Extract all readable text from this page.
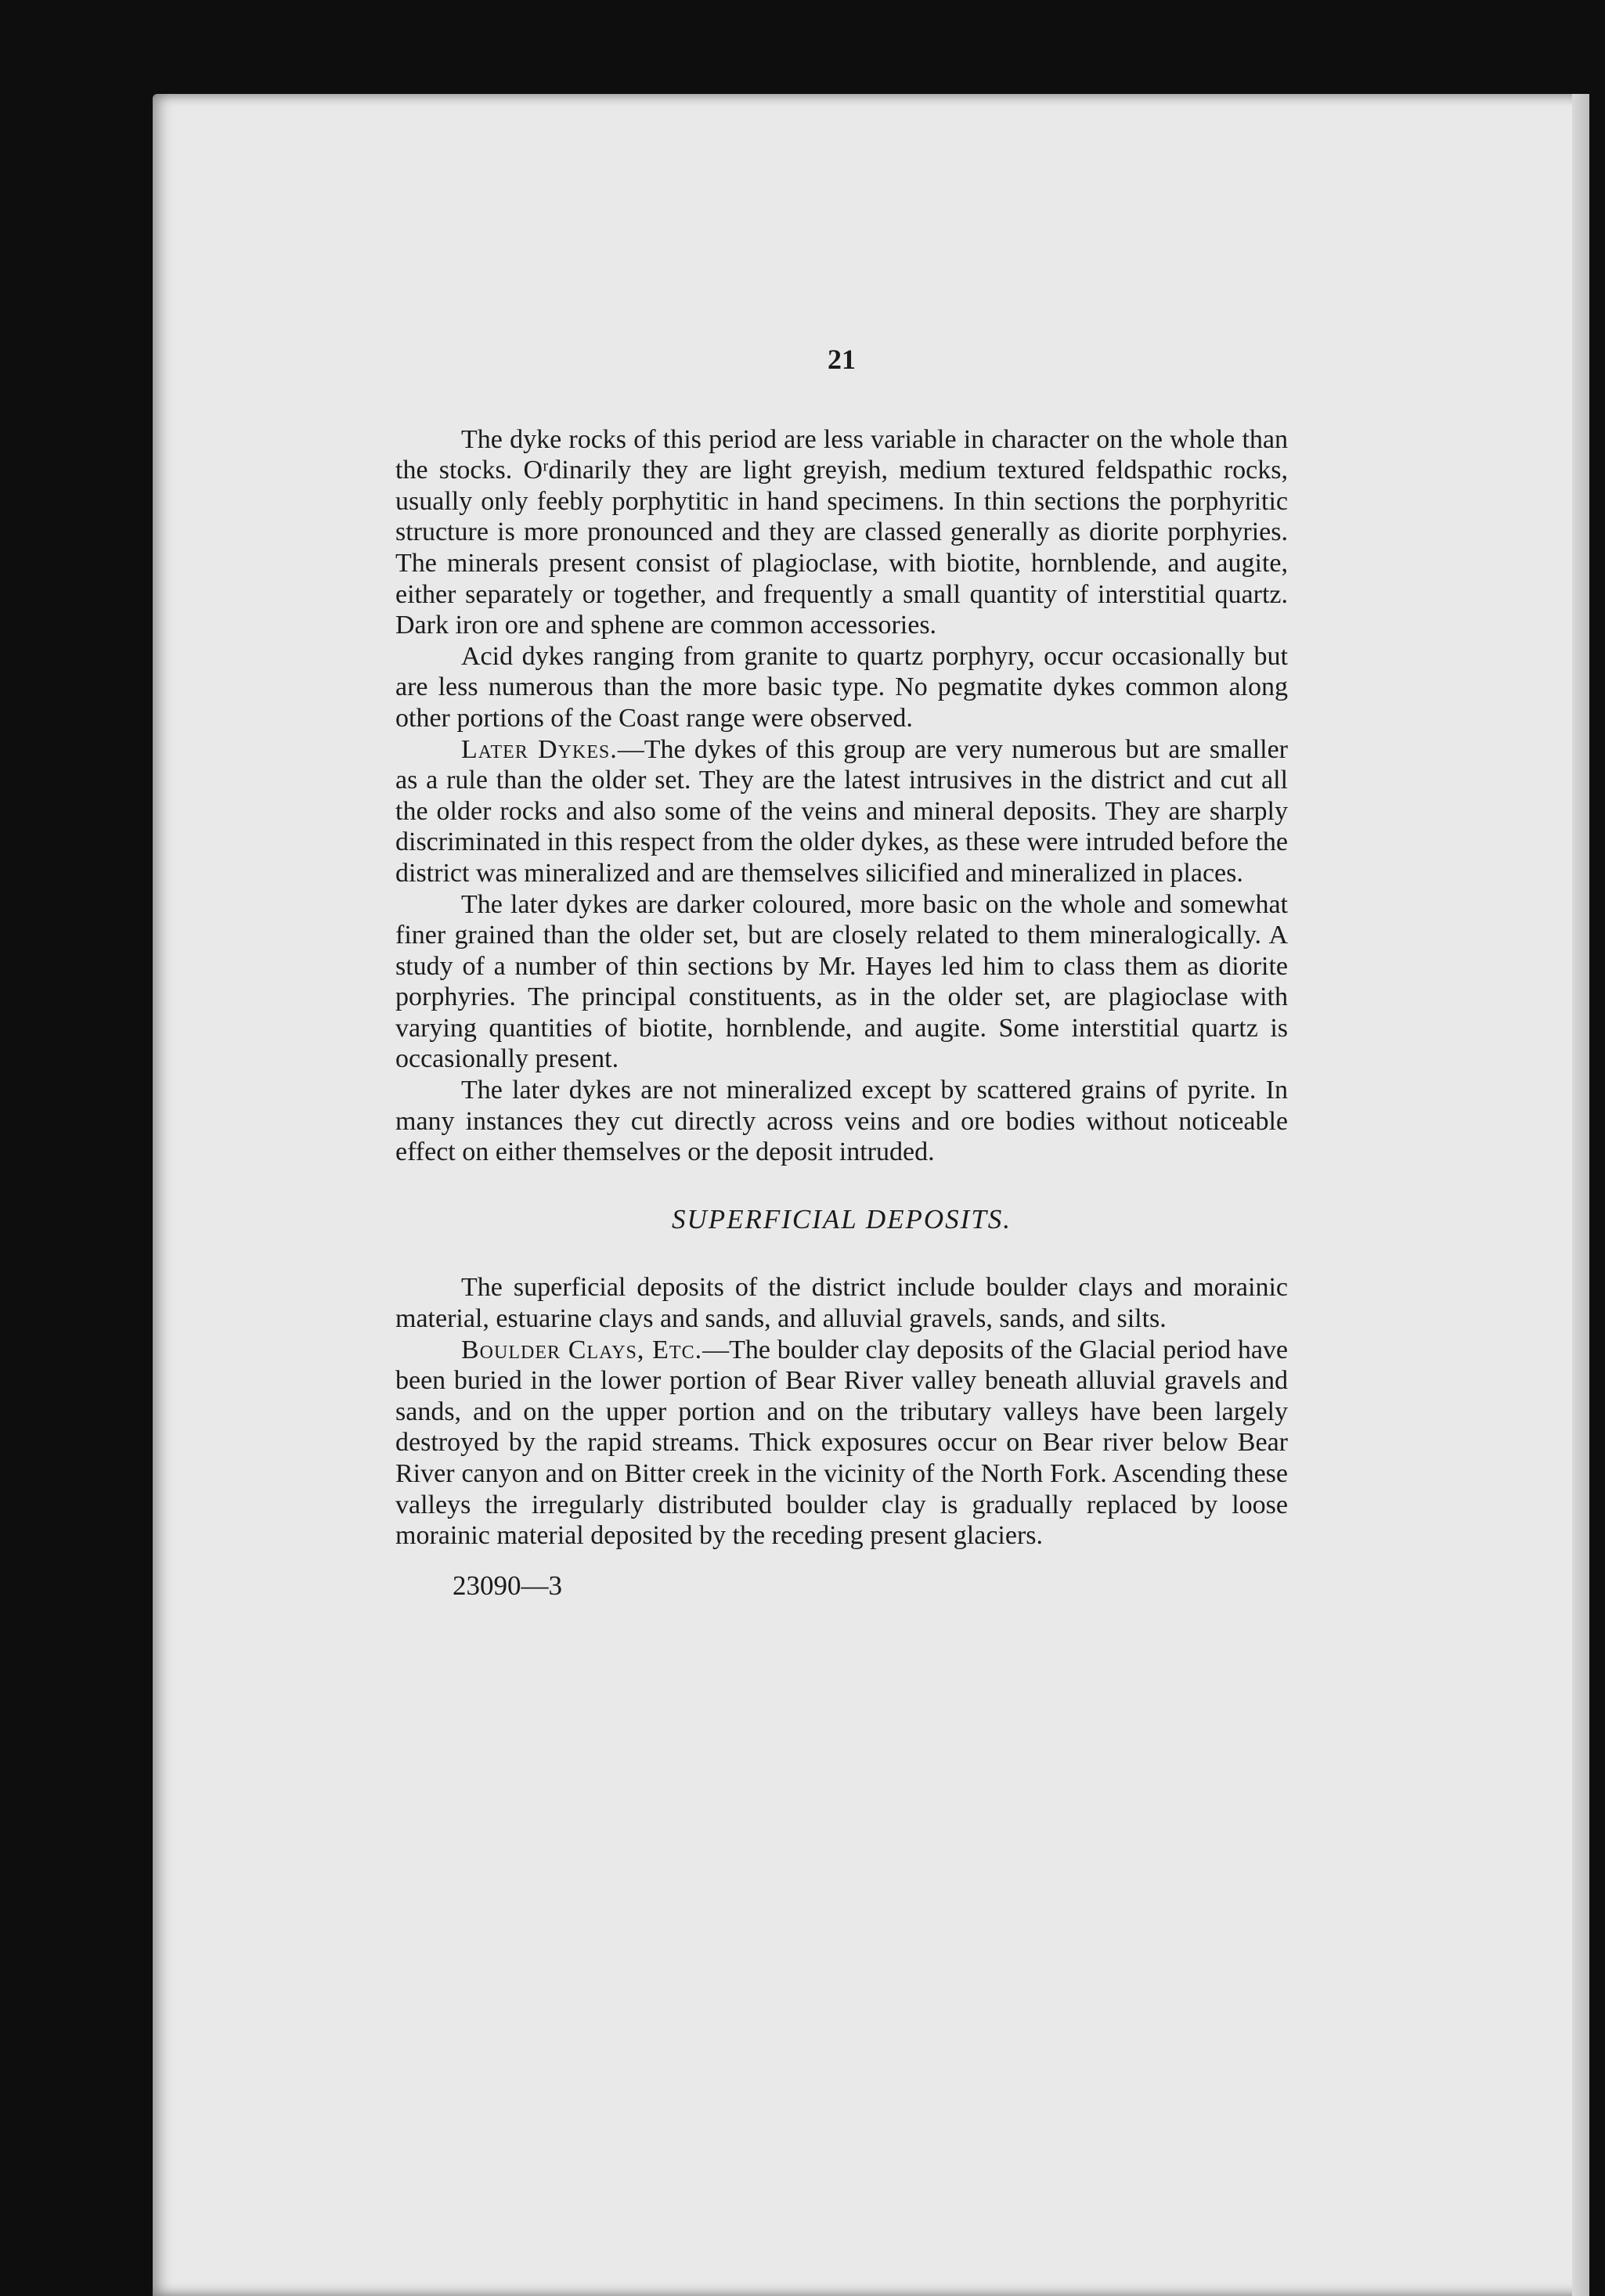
21

The dyke rocks of this period are less variable in character on the whole than the stocks. Oʳdinarily they are light greyish, medium textured feldspathic rocks, usually only feebly porphytitic in hand specimens. In thin sections the porphyritic structure is more pronounced and they are classed generally as diorite porphyries. The minerals present consist of plagioclase, with biotite, hornblende, and augite, either separately or together, and frequently a small quantity of interstitial quartz. Dark iron ore and sphene are common accessories.

Acid dykes ranging from granite to quartz porphyry, occur occasionally but are less numerous than the more basic type. No pegmatite dykes common along other portions of the Coast range were observed.

Later Dykes.—The dykes of this group are very numerous but are smaller as a rule than the older set. They are the latest intrusives in the district and cut all the older rocks and also some of the veins and mineral deposits. They are sharply discriminated in this respect from the older dykes, as these were intruded before the district was mineralized and are themselves silicified and mineralized in places.

The later dykes are darker coloured, more basic on the whole and somewhat finer grained than the older set, but are closely related to them mineralogically. A study of a number of thin sections by Mr. Hayes led him to class them as diorite porphyries. The principal constituents, as in the older set, are plagioclase with varying quantities of biotite, hornblende, and augite. Some interstitial quartz is occasionally present.

The later dykes are not mineralized except by scattered grains of pyrite. In many instances they cut directly across veins and ore bodies without noticeable effect on either themselves or the deposit intruded.

SUPERFICIAL DEPOSITS.

The superficial deposits of the district include boulder clays and morainic material, estuarine clays and sands, and alluvial gravels, sands, and silts.

Boulder Clays, Etc.—The boulder clay deposits of the Glacial period have been buried in the lower portion of Bear River valley beneath alluvial gravels and sands, and on the upper portion and on the tributary valleys have been largely destroyed by the rapid streams. Thick exposures occur on Bear river below Bear River canyon and on Bitter creek in the vicinity of the North Fork. Ascending these valleys the irregularly distributed boulder clay is gradually replaced by loose morainic material deposited by the receding present glaciers.

23090—3
